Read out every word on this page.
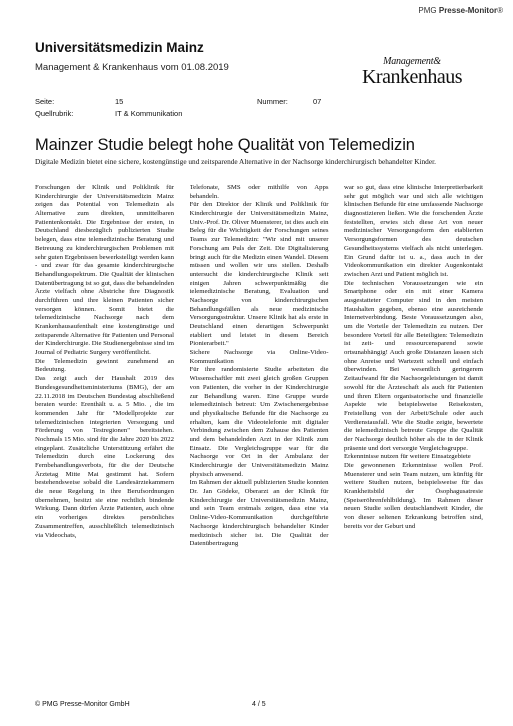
PMG Presse-Monitor®
Universitätsmedizin Mainz
Management & Krankenhaus vom 01.08.2019
Management&
Krankenhaus
Seite:	15	Nummer:	07
Quellrubrik:	IT & Kommunikation
Mainzer Studie belegt hohe Qualität von Telemedizin
Digitale Medizin bietet eine sichere, kostengünstige und zeitsparende Alternative in der Nachsorge kinderchirurgisch behandelter Kinder.

Forschungen der Klinik und Poliklinik für Kinderchirurgie der Universitätsmedizin Mainz zeigen das Potential von Telemedizin als Alternative zum direkten, unmittelbaren Patientenkontakt. Die Ergebnisse der ersten, in Deutschland diesbezüglich publizierten Studie belegen, dass eine telemedizinische Beratung und Betreuung zu kinderchirurgischen Problemen mit sehr guten Ergebnissen bewerkstelligt werden kann - und zwar für das gesamte kinderchirurgische Behandlungsspektrum. Die Qualität der klinischen Datenübertragung ist so gut, dass die behandelnden Ärzte vielfach ohne Abstriche ihre Diagnostik durchführen und ihre kleinen Patienten sicher versorgen können. Somit bietet die telemedizinische Nachsorge nach dem Krankenhausaufenthalt eine kostengünstige und zeitsparende Alternative für Patienten und Personal der Kinderchirurgie. Die Studienergebnisse sind im Journal of Pediatric Surgery veröffentlicht.

Die Telemedizin gewinnt zunehmend an Bedeutung.

Das zeigt auch der Haushalt 2019 des Bundesgesundheitsministeriums (BMG), der am 22.11.2018 im Deutschen Bundestag abschließend beraten wurde: Erenthält u. a. 5 Mio. , die im kommenden Jahr für "Modellprojekte zur telemedizinischen integrierten Versorgung und Förderung von Testregionen" bereitstehen. Nochmals 15 Mio. sind für die Jahre 2020 bis 2022 eingeplant. Zusätzliche Unterstützung erfährt die Telemedizin durch eine Lockerung des Fernbehandlungsverbots, für die der Deutsche Ärztetag Mitte Mai gestimmt hat. Sofern bestehendsweise sobald die Landesärztekammern die neue Regelung in ihre Berufsordnungen übernehmen, besitzt sie eine rechtlich bindende Wirkung. Dann dürfen Ärzte Patienten, auch ohne ein vorheriges direktes persönliches Zusammentreffen, ausschließlich telemedizinisch via Videochats,

Telefonate, SMS oder mithilfe von Apps behandeln.

Für den Direktor der Klinik und Poliklinik für Kinderchirurgie der Universitätsmedizin Mainz, Univ.-Prof. Dr. Oliver Muensterer, ist dies auch ein Beleg für die Wichtigkeit der Forschungen seines Teams zur Telemedizin: "Wir sind mit unserer Forschung am Puls der Zeit. Die Digitalisierung bringt auch für die Medizin einen Wandel. Diesem müssen und wollen wir uns stellen. Deshalb untersucht die kinderchirurgische Klinik seit einigen Jahren schwerpunktmäßig die telemedizinische Beratung, Evaluation und Nachsorge von kinderchirurgischen Behandlungsfällen als neue medizinische Versorgungsstruktur. Unsere Klinik hat als erste in Deutschland einen derartigen Schwerpunkt etabliert und leistet in diesem Bereich Pionierarbeit."

Sichere Nachsorge via Online-Video-Kommunikation

Für ihre randomisierte Studie arbeiteten die Wissenschaftler mit zwei gleich großen Gruppen von Patienten, die vorher in der Kinderchirurgie zur Behandlung waren. Eine Gruppe wurde telemedizinisch betreut: Um Zwischenergebnisse und physikalische Befunde für die Nachsorge zu erhalten, kam die Videotelefonie mit digitaler Verbindung zwischen dem Zuhause des Patienten und dem behandelnden Arzt in der Klinik zum Einsatz. Die Vergleichsgruppe war für die Nachsorge vor Ort in der Ambulanz der Kinderchirurgie der Universitätsmedizin Mainz physisch anwesend.

Im Rahmen der aktuell publizierten Studie konnten Dr. Jan Gödeke, Oberarzt an der Klinik für Kinderchirurgie der Universitätsmedizin Mainz, und sein Team erstmals zeigen, dass eine via Online-Video-Kommunikation durchgeführte Nachsorge kinderchirurgisch behandelter Kinder medizinisch sicher ist. Die Qualität der Datenübertragung

war so gut, dass eine klinische Interpretierbarkeit sehr gut möglich war und sich alle wichtigen klinischen Befunde für eine umfassende Nachsorge diagnostizieren ließen. Wie die forschenden Ärzte feststellten, erwies sich diese Art von neuer medizinischer Versorgungsform den etablierten Versorgungsformen des deutschen Gesundheitssystems vielfach als nicht unterlegen. Ein Grund dafür ist u. a., dass auch in der Videokommunikation ein direkter Augenkontakt zwischen Arzt und Patient möglich ist.

Die technischen Voraussetzungen wie ein Smartphone oder ein mit einer Kamera ausgestatteter Computer sind in den meisten Haushalten gegeben, ebenso eine ausreichende Internetverbindung. Beste Voraussetzungen also, um die Vorteile der Telemedizin zu nutzen. Der besondere Vorteil für alle Beteiligten: Telemedizin ist zeit- und ressourcensparend sowie ortsunabhängig! Auch große Distanzen lassen sich ohne Anreise und Wartezeit schnell und einfach überwinden. Bei wesentlich geringerem Zeitaufwand für die Nachsorgeleistungen ist damit sowohl für die Ärzteschaft als auch für Patienten und ihren Eltern organisatorische und finanzielle Aspekte wie beispielsweise Reisekosten, Freistellung von der Arbeit/Schule oder auch Verdienstausfall. Wie die Studie zeigte, bewertete die telemedizinisch betreute Gruppe die Qualität der Nachsorge deutlich höher als die in der Klinik präsente und dort versorgte Vergleichsgruppe.

Erkenntnisse nutzen für weitere Einsatzgebiete

Die gewonnenen Erkenntnisse wollen Prof. Muensterer und sein Team nutzen, um künftig für weitere Studien nutzen, beispielsweise für das Krankheitsbild der Ösophagusatresie (Speiseröhrenfehlbildung). Im Rahmen dieser neuen Studie sollen deutschlandweit Kinder, die von dieser seltenen Erkrankung betroffen sind, bereits vor der Geburt und

© PMG Presse-Monitor GmbH	4 / 5
